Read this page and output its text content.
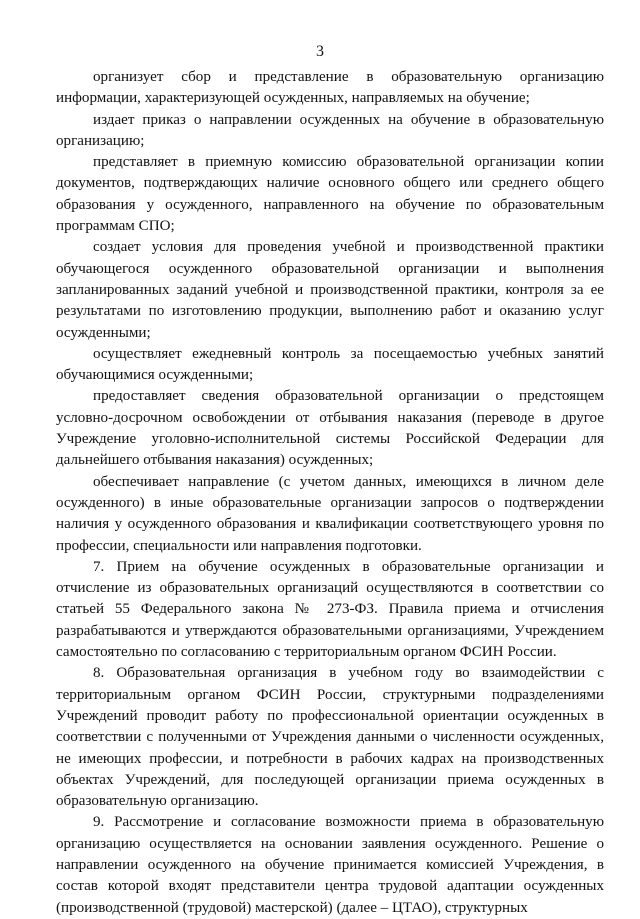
3

организует сбор и представление в образовательную организацию информации, характеризующей осужденных, направляемых на обучение;

издает приказ о направлении осужденных на обучение в образовательную организацию;

представляет в приемную комиссию образовательной организации копии документов, подтверждающих наличие основного общего или среднего общего образования у осужденного, направленного на обучение по образовательным программам СПО;

создает условия для проведения учебной и производственной практики обучающегося осужденного образовательной организации и выполнения запланированных заданий учебной и производственной практики, контроля за ее результатами по изготовлению продукции, выполнению работ и оказанию услуг осужденными;

осуществляет ежедневный контроль за посещаемостью учебных занятий обучающимися осужденными;

предоставляет сведения образовательной организации о предстоящем условно-досрочном освобождении от отбывания наказания (переводе в другое Учреждение уголовно-исполнительной системы Российской Федерации для дальнейшего отбывания наказания) осужденных;

обеспечивает направление (с учетом данных, имеющихся в личном деле осужденного) в иные образовательные организации запросов о подтверждении наличия у осужденного образования и квалификации соответствующего уровня по профессии, специальности или направления подготовки.

7. Прием на обучение осужденных в образовательные организации и отчисление из образовательных организаций осуществляются в соответствии со статьей 55 Федерального закона № 273-ФЗ. Правила приема и отчисления разрабатываются и утверждаются образовательными организациями, Учреждением самостоятельно по согласованию с территориальным органом ФСИН России.

8. Образовательная организация в учебном году во взаимодействии с территориальным органом ФСИН России, структурными подразделениями Учреждений проводит работу по профессиональной ориентации осужденных в соответствии с полученными от Учреждения данными о численности осужденных, не имеющих профессии, и потребности в рабочих кадрах на производственных объектах Учреждений, для последующей организации приема осужденных в образовательную организацию.

9. Рассмотрение и согласование возможности приема в образовательную организацию осуществляется на основании заявления осужденного. Решение о направлении осужденного на обучение принимается комиссией Учреждения, в состав которой входят представители центра трудовой адаптации осужденных (производственной (трудовой) мастерской) (далее – ЦТАО), структурных
